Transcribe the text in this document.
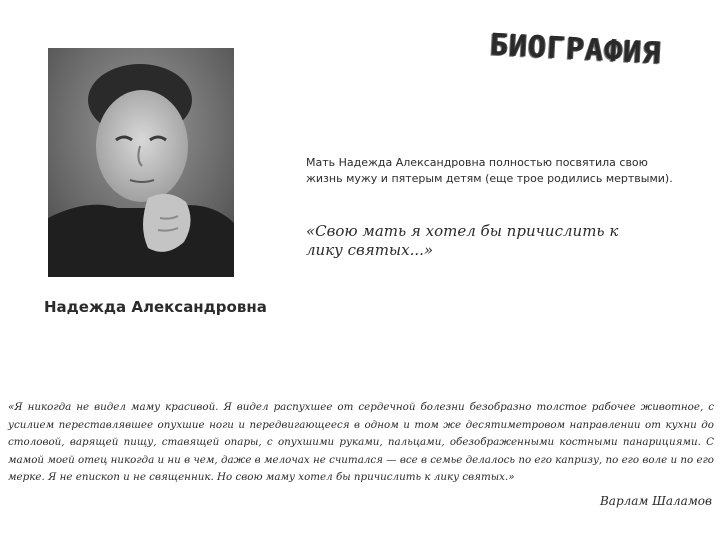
Надежда Александровна
БИОГРАФИЯ
Мать Надежда Александровна полностью посвятила свою жизнь мужу и пятерым детям (еще трое родились мертвыми).
«Свою мать я хотел бы причислить к лику святых...»
«Я никогда не видел маму красивой. Я видел распухшее от сердечной болезни безобразно толстое рабочее животное, с усилием переставлявшее опухшие ноги и передвигающееся в одном и том же десятиметровом направлении от кухни до столовой, варящей пищу, ставящей опары, с опухшими руками, пальцами, обезображенными костными панарициями. С мамой моей отец никогда и ни в чем, даже в мелочах не считался — все в семье делалось по его капризу, по его воле и по его мерке. Я не епископ и не священник. Но свою маму хотел бы причислить к лику святых.»
Варлам Шаламов
